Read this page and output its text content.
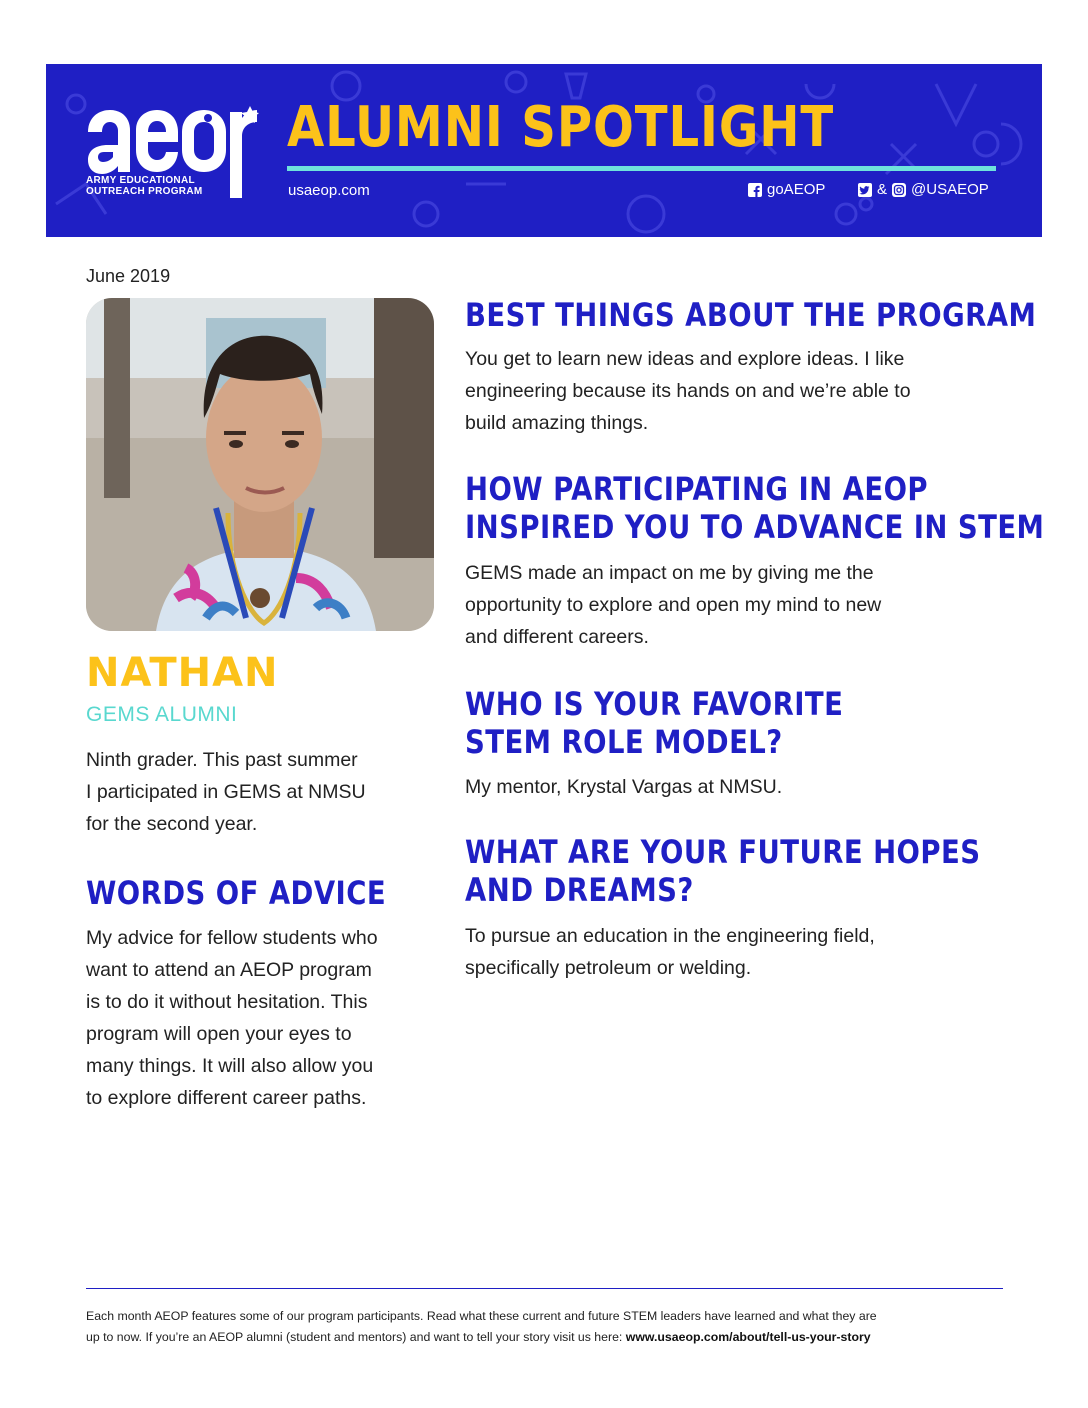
ARMY EDUCATIONAL
OUTREACH PROGRAM
ALUMNI SPOTLIGHT
usaeop.com	goAEOP	& @USAEOP
June 2019
NATHAN
GEMS ALUMNI
Ninth grader. This past summer
I participated in GEMS at NMSU
for the second year.
WORDS OF ADVICE
My advice for fellow students who
want to attend an AEOP program
is to do it without hesitation. This
program will open your eyes to
many things. It will also allow you
to explore different career paths.
BEST THINGS ABOUT THE PROGRAM
You get to learn new ideas and explore ideas. I like
engineering because its hands on and we’re able to
build amazing things.
HOW PARTICIPATING IN AEOP
INSPIRED YOU TO ADVANCE IN STEM
GEMS made an impact on me by giving me the
opportunity to explore and open my mind to new
and different careers.
WHO IS YOUR FAVORITE
STEM ROLE MODEL?
My mentor, Krystal Vargas at NMSU.
WHAT ARE YOUR FUTURE HOPES
AND DREAMS?
To pursue an education in the engineering field,
specifically petroleum or welding.
Each month AEOP features some of our program participants. Read what these current and future STEM leaders have learned and what they are
up to now. If you’re an AEOP alumni (student and mentors) and want to tell your story visit us here: www.usaeop.com/about/tell-us-your-story
